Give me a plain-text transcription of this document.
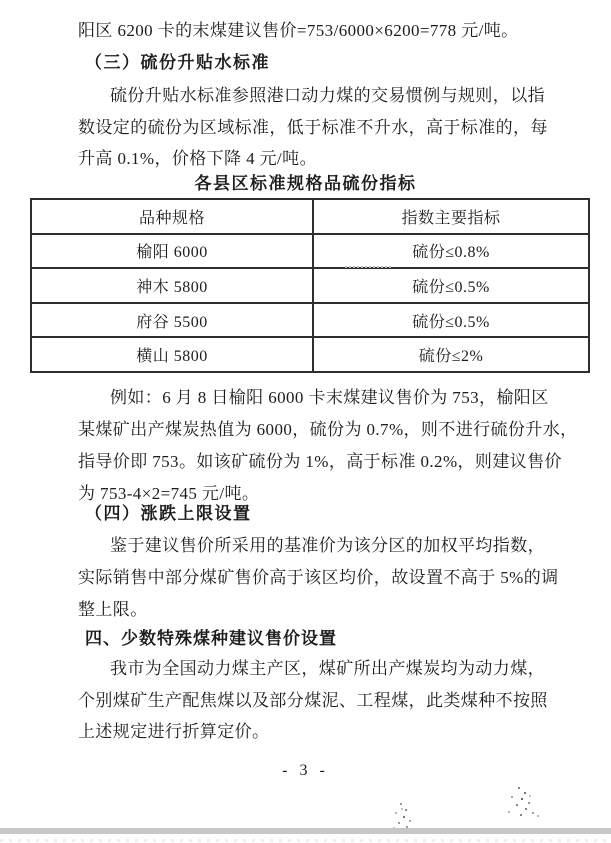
阳区 6200 卡的末煤建议售价=753/6000×6200=778 元/吨。
（三）硫份升贴水标准
硫份升贴水标准参照港口动力煤的交易惯例与规则，以指
数设定的硫份为区域标准，低于标准不升水，高于标准的，每
升高 0.1%，价格下降 4 元/吨。
各县区标准规格品硫份指标
品种规格	指数主要指标
榆阳 6000	硫份≤0.8%
神木 5800	硫份≤0.5%
府谷 5500	硫份≤0.5%
横山 5800	硫份≤2%
例如：6 月 8 日榆阳 6000 卡末煤建议售价为 753，榆阳区
某煤矿出产煤炭热值为 6000，硫份为 0.7%，则不进行硫份升水，
指导价即 753。如该矿硫份为 1%，高于标准 0.2%，则建议售价
为 753-4×2=745 元/吨。
（四）涨跌上限设置
鉴于建议售价所采用的基准价为该分区的加权平均指数，
实际销售中部分煤矿售价高于该区均价，故设置不高于 5%的调
整上限。
四、少数特殊煤种建议售价设置
我市为全国动力煤主产区，煤矿所出产煤炭均为动力煤，
个别煤矿生产配焦煤以及部分煤泥、工程煤，此类煤种不按照
上述规定进行折算定价。
- 3 -
